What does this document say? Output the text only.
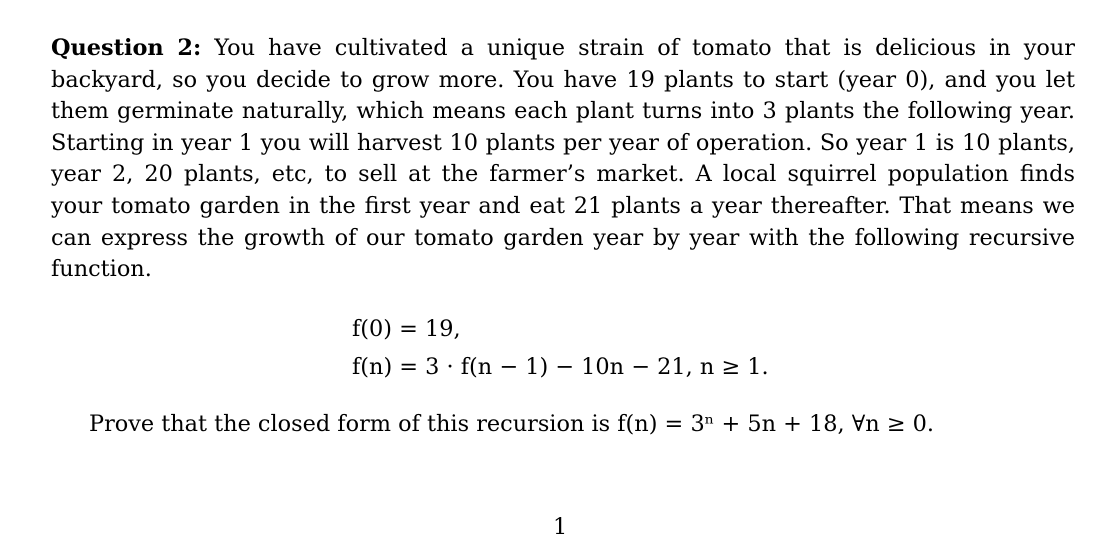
Question 2: You have cultivated a unique strain of tomato that is delicious in your backyard, so you decide to grow more. You have 19 plants to start (year 0), and you let them germinate naturally, which means each plant turns into 3 plants the following year. Starting in year 1 you will harvest 10 plants per year of operation. So year 1 is 10 plants, year 2, 20 plants, etc, to sell at the farmer’s market. A local squirrel population finds your tomato garden in the first year and eat 21 plants a year thereafter. That means we can express the growth of our tomato garden year by year with the following recursive function.

f(0) = 19,
f(n) = 3 · f(n − 1) − 10n − 21, n ≥ 1.
Prove that the closed form of this recursion is f(n) = 3ⁿ + 5n + 18, ∀n ≥ 0.
1
